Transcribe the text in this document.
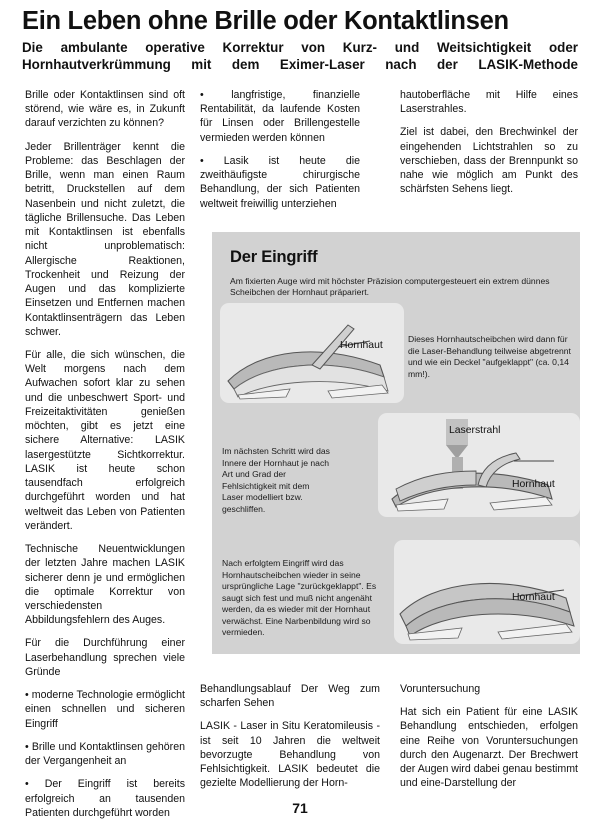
Ein Leben ohne Brille oder Kontaktlinsen
Die ambulante operative Korrektur von Kurz- und Weitsichtigkeit oder
Hornhautverkrümmung mit dem Eximer-Laser nach der LASIK-Methode

Brille oder Kontaktlinsen sind oft störend, wie wäre es, in Zukunft darauf verzichten zu können?

Jeder Brillenträger kennt die Probleme: das Beschlagen der Brille, wenn man einen Raum betritt, Druckstellen auf dem Nasenbein und nicht zuletzt, die tägliche Brillensuche. Das Leben mit Kontaktlinsen ist ebenfalls nicht unproblematisch: Allergische Reaktionen, Trockenheit und Reizung der Augen und das komplizierte Einsetzen und Entfernen machen Kontaktlinsenträgern das Leben schwer.

Für alle, die sich wünschen, die Welt morgens nach dem Aufwachen sofort klar zu sehen und die unbeschwert Sport- und Freizeitaktivitäten genießen möchten, gibt es jetzt eine sichere Alternative: LASIK lasergestützte Sichtkorrektur. LASIK ist heute schon tausendfach erfolgreich durchgeführt worden und hat weltweit das Leben von Patienten verändert.

Technische Neuentwicklungen der letzten Jahre machen LASIK sicherer denn je und ermöglichen die optimale Korrektur von verschiedensten Abbildungsfehlern des Auges.

Für die Durchführung einer Laserbehandlung sprechen viele Gründe

• moderne Technologie ermöglicht einen schnellen und sicheren Eingriff

• Brille und Kontaktlinsen gehören der Vergangenheit an

• Der Eingriff ist bereits erfolgreich an tausenden Patienten durchgeführt worden

• langfristige, finanzielle Rentabilität, da laufende Kosten für Linsen oder Brillengestelle vermieden werden können

• Lasik ist heute die zweithäufigste chirurgische Behandlung, der sich Patienten weltweit freiwillig unterziehen

hautoberfläche mit Hilfe eines Laserstrahles.

Ziel ist dabei, den Brechwinkel der eingehenden Lichtstrahlen so zu verschieben, dass der Brennpunkt so nahe wie möglich am Punkt des schärfsten Sehens liegt.

Der Eingriff
Am fixierten Auge wird mit höchster Präzision computergesteuert ein extrem dünnes Scheibchen der Hornhaut präpariert.
Hornhaut
Dieses Hornhautscheibchen wird dann für die Laser-Behandlung teilweise abgetrennt und wie ein Deckel "aufgeklappt" (ca. 0,14 mm!).
Laserstrahl
Hornhaut
Im nächsten Schritt wird das Innere der Hornhaut je nach Art und Grad der Fehlsichtigkeit mit dem Laser modelliert bzw. geschliffen.
Hornhaut
Nach erfolgtem Eingriff wird das Hornhautscheibchen wieder in seine ursprüngliche Lage "zurückgeklappt". Es saugt sich fest und muß nicht angenäht werden, da es wieder mit der Hornhaut verwächst. Eine Narbenbildung wird so vermieden.
Behandlungsablauf Der Weg zum scharfen Sehen

LASIK - Laser in Situ Keratomileusis - ist seit 10 Jahren die weltweit bevorzugte Behandlung von Fehlsichtigkeit. LASIK bedeutet die gezielte Modellierung der Horn-

Voruntersuchung

Hat sich ein Patient für eine LASIK Behandlung entschieden, erfolgen eine Reihe von Voruntersuchungen durch den Augenarzt. Der Brechwert der Augen wird dabei genau bestimmt und eine-Darstellung der

71
